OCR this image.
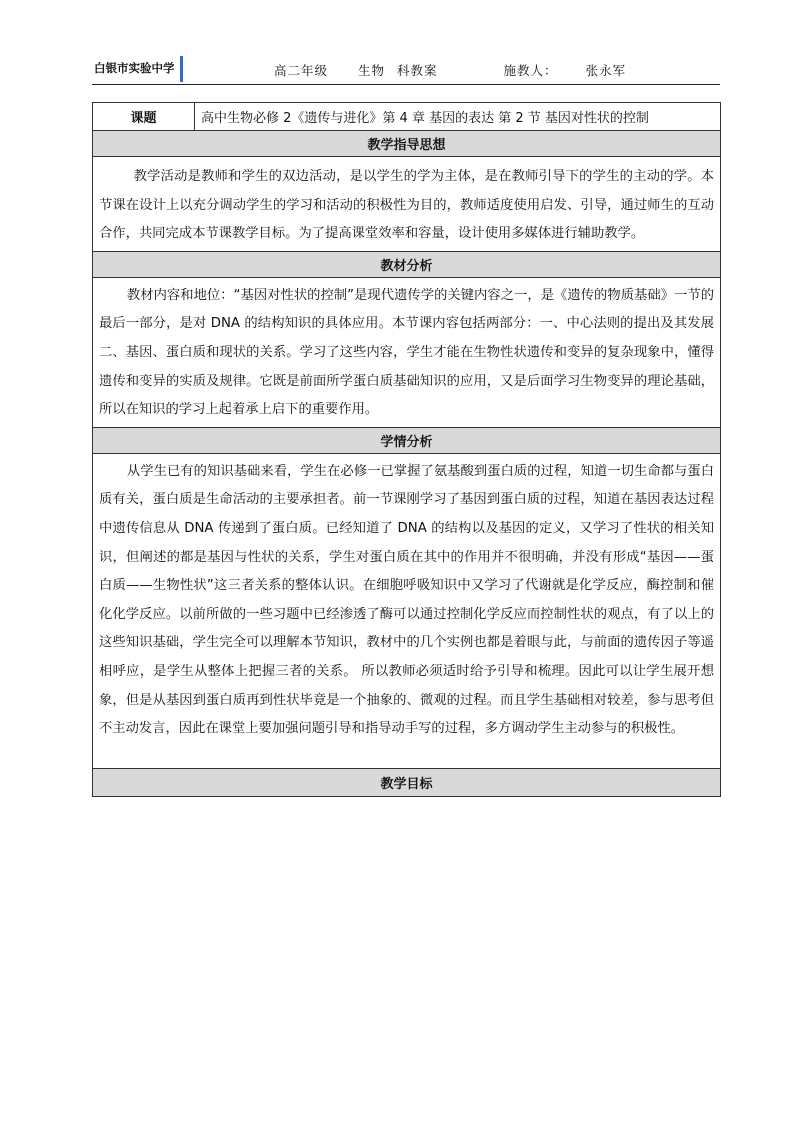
白银市实验中学	高二年级 生物 科教案	施教人： 张永军
课题	高中生物必修 2《遗传与进化》第 4 章 基因的表达 第 2 节 基因对性状的控制
教学指导思想

教学活动是教师和学生的双边活动，是以学生的学为主体，是在教师引导下的学生的主动的学。本节课在设计上以充分调动学生的学习和活动的积极性为目的，教师适度使用启发、引导，通过师生的互动合作，共同完成本节课教学目标。为了提高课堂效率和容量，设计使用多媒体进行辅助教学。

教材分析

教材内容和地位：“基因对性状的控制”是现代遗传学的关键内容之一，是《遗传的物质基础》一节的最后一部分，是对 DNA 的结构知识的具体应用。本节课内容包括两部分：一、中心法则的提出及其发展二、基因、蛋白质和现状的关系。学习了这些内容，学生才能在生物性状遗传和变异的复杂现象中，懂得遗传和变异的实质及规律。它既是前面所学蛋白质基础知识的应用，又是后面学习生物变异的理论基础，所以在知识的学习上起着承上启下的重要作用。

学情分析

从学生已有的知识基础来看，学生在必修一已掌握了氨基酸到蛋白质的过程，知道一切生命都与蛋白质有关，蛋白质是生命活动的主要承担者。前一节课刚学习了基因到蛋白质的过程，知道在基因表达过程中遗传信息从 DNA 传递到了蛋白质。已经知道了 DNA 的结构以及基因的定义，又学习了性状的相关知识，但阐述的都是基因与性状的关系，学生对蛋白质在其中的作用并不很明确，并没有形成“基因——蛋白质——生物性状”这三者关系的整体认识。在细胞呼吸知识中又学习了代谢就是化学反应，酶控制和催化化学反应。以前所做的一些习题中已经渗透了酶可以通过控制化学反应而控制性状的观点，有了以上的这些知识基础，学生完全可以理解本节知识，教材中的几个实例也都是着眼与此，与前面的遗传因子等遥相呼应，是学生从整体上把握三者的关系。 所以教师必须适时给予引导和梳理。因此可以让学生展开想象，但是从基因到蛋白质再到性状毕竟是一个抽象的、微观的过程。而且学生基础相对较差，参与思考但不主动发言，因此在课堂上要加强问题引导和指导动手写的过程，多方调动学生主动参与的积极性。

教学目标
